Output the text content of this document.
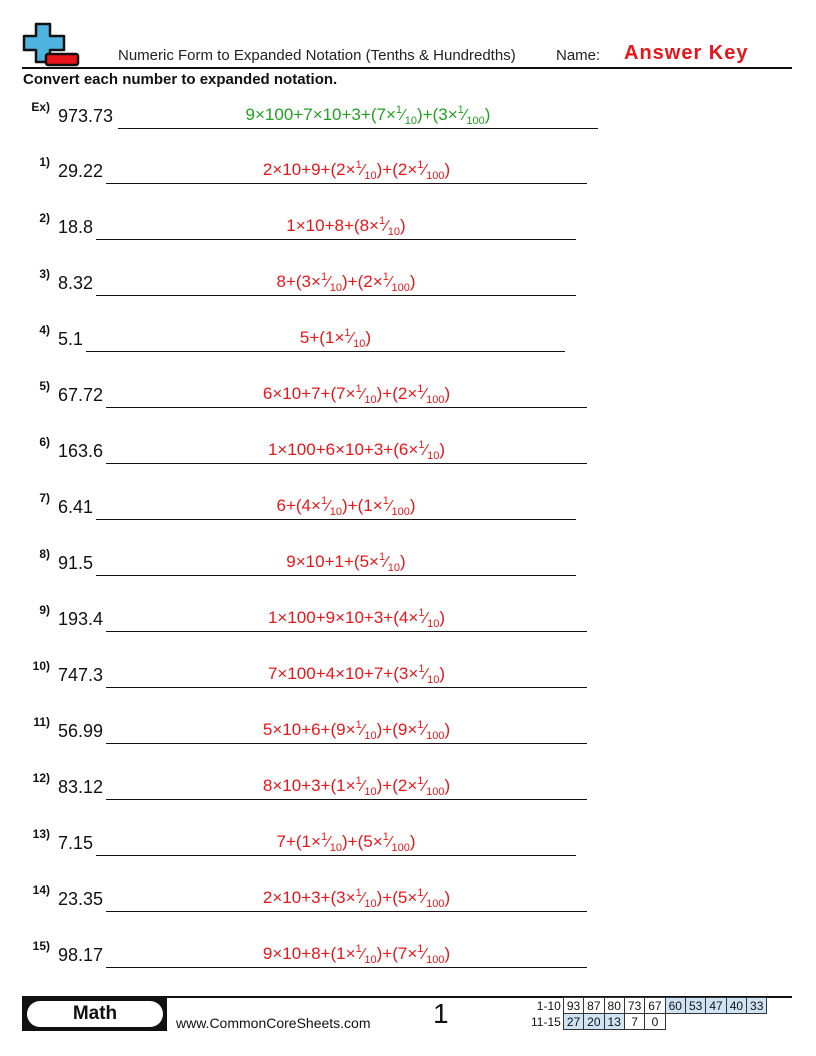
Numeric Form to Expanded Notation (Tenths & Hundredths)	Name: Answer Key
Convert each number to expanded notation.
Ex) 973.73	$9\times 100+7\times 10+3+(7\times^1⁄_{10})+(3\times^1⁄_{100})$
1) 29.22	$2\times 10+9+(2\times^1⁄_{10})+(2\times^1⁄_{100})$
2) 18.8	$1\times 10+8+(8\times^1⁄_{10})$
3) 8.32	$8+(3\times^1⁄_{10})+(2\times^1⁄_{100})$
4) 5.1	$5+(1\times^1⁄_{10})$
5) 67.72	$6\times 10+7+(7\times^1⁄_{10})+(2\times^1⁄_{100})$
6) 163.6	$1\times 100+6\times 10+3+(6\times^1⁄_{10})$
7) 6.41	$6+(4\times^1⁄_{10})+(1\times^1⁄_{100})$
8) 91.5	$9\times 10+1+(5\times^1⁄_{10})$
9) 193.4	$1\times 100+9\times 10+3+(4\times^1⁄_{10})$
10) 747.3	$7\times 100+4\times 10+7+(3\times^1⁄_{10})$
11) 56.99	$5\times 10+6+(9\times^1⁄_{10})+(9\times^1⁄_{100})$
12) 83.12	$8\times 10+3+(1\times^1⁄_{10})+(2\times^1⁄_{100})$
13) 7.15	$7+(1\times^1⁄_{10})+(5\times^1⁄_{100})$
14) 23.35	$2\times 10+3+(3\times^1⁄_{10})+(5\times^1⁄_{100})$
15) 98.17	$9\times 10+8+(1\times^1⁄_{10})+(7\times^1⁄_{100})$
Math	www.CommonCoreSheets.com 1	1-10	93	87	80	73	67	60	53	47	40	33
11-15	27	20	13	7	0					
